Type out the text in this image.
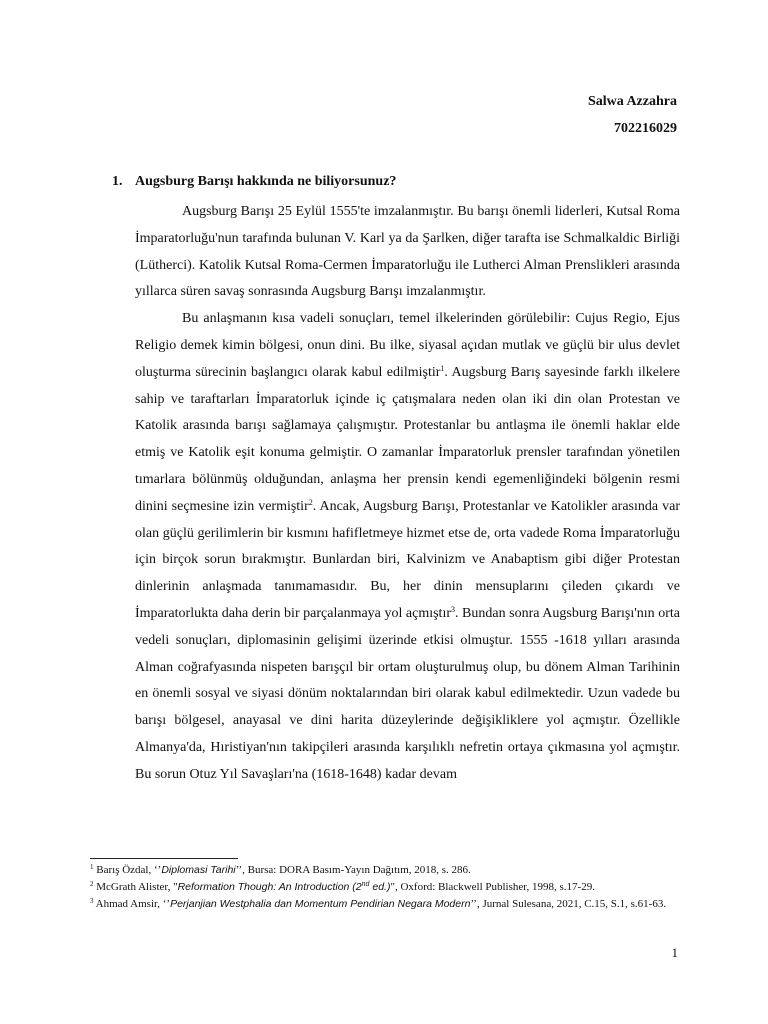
Salwa Azzahra
702216029
1. Augsburg Barışı hakkında ne biliyorsunuz?

Augsburg Barışı 25 Eylül 1555'te imzalanmıştır. Bu barışı önemli liderleri, Kutsal Roma İmparatorluğu'nun tarafında bulunan V. Karl ya da Şarlken, diğer tarafta ise Schmalkaldic Birliği (Lütherci). Katolik Kutsal Roma-Cermen İmparatorluğu ile Lutherci Alman Prenslikleri arasında yıllarca süren savaş sonrasında Augsburg Barışı imzalanmıştır.

Bu anlaşmanın kısa vadeli sonuçları, temel ilkelerinden görülebilir: Cujus Regio, Ejus Religio demek kimin bölgesi, onun dini. Bu ilke, siyasal açıdan mutlak ve güçlü bir ulus devlet oluşturma sürecinin başlangıcı olarak kabul edilmiştir$^1$. Augsburg Barış sayesinde farklı ilkelere sahip ve taraftarları İmparatorluk içinde iç çatışmalara neden olan iki din olan Protestan ve Katolik arasında barışı sağlamaya çalışmıştır. Protestanlar bu antlaşma ile önemli haklar elde etmiş ve Katolik eşit konuma gelmiştir. O zamanlar İmparatorluk prensler tarafından yönetilen tımarlara bölünmüş olduğundan, anlaşma her prensin kendi egemenliğindeki bölgenin resmi dinini seçmesine izin vermiştir$^2$. Ancak, Augsburg Barışı, Protestanlar ve Katolikler arasında var olan güçlü gerilimlerin bir kısmını hafifletmeye hizmet etse de, orta vadede Roma İmparatorluğu için birçok sorun bırakmıştır. Bunlardan biri, Kalvinizm ve Anabaptism gibi diğer Protestan dinlerinin anlaşmada tanımamasıdır. Bu, her dinin mensuplarını çileden çıkardı ve İmparatorlukta daha derin bir parçalanmaya yol açmıştır$^3$. Bundan sonra Augsburg Barışı'nın orta vedeli sonuçları, diplomasinin gelişimi üzerinde etkisi olmuştur. 1555 -1618 yılları arasında Alman coğrafyasında nispeten barışçıl bir ortam oluşturulmuş olup, bu dönem Alman Tarihinin en önemli sosyal ve siyasi dönüm noktalarından biri olarak kabul edilmektedir. Uzun vadede bu barışı bölgesel, anayasal ve dini harita düzeylerinde değişikliklere yol açmıştır. Özellikle Almanya'da, Hıristiyan'nın takipçileri arasında karşılıklı nefretin ortaya çıkmasına yol açmıştır. Bu sorun Otuz Yıl Savaşları'na (1618-1648) kadar devam

$^1$ Barış Özdal, ‘’Diplomasi Tarihi’’, Bursa: DORA Basım-Yayın Dağıtım, 2018, s. 286.

$^2$ McGrath Alister, "Reformation Though: An Introduction (2nd ed.)", Oxford: Blackwell Publisher, 1998, s.17-29.

$^3$ Ahmad Amsir, ‘’Perjanjian Westphalia dan Momentum Pendirian Negara Modern’’, Jurnal Sulesana, 2021, C.15, S.1, s.61-63.

1
